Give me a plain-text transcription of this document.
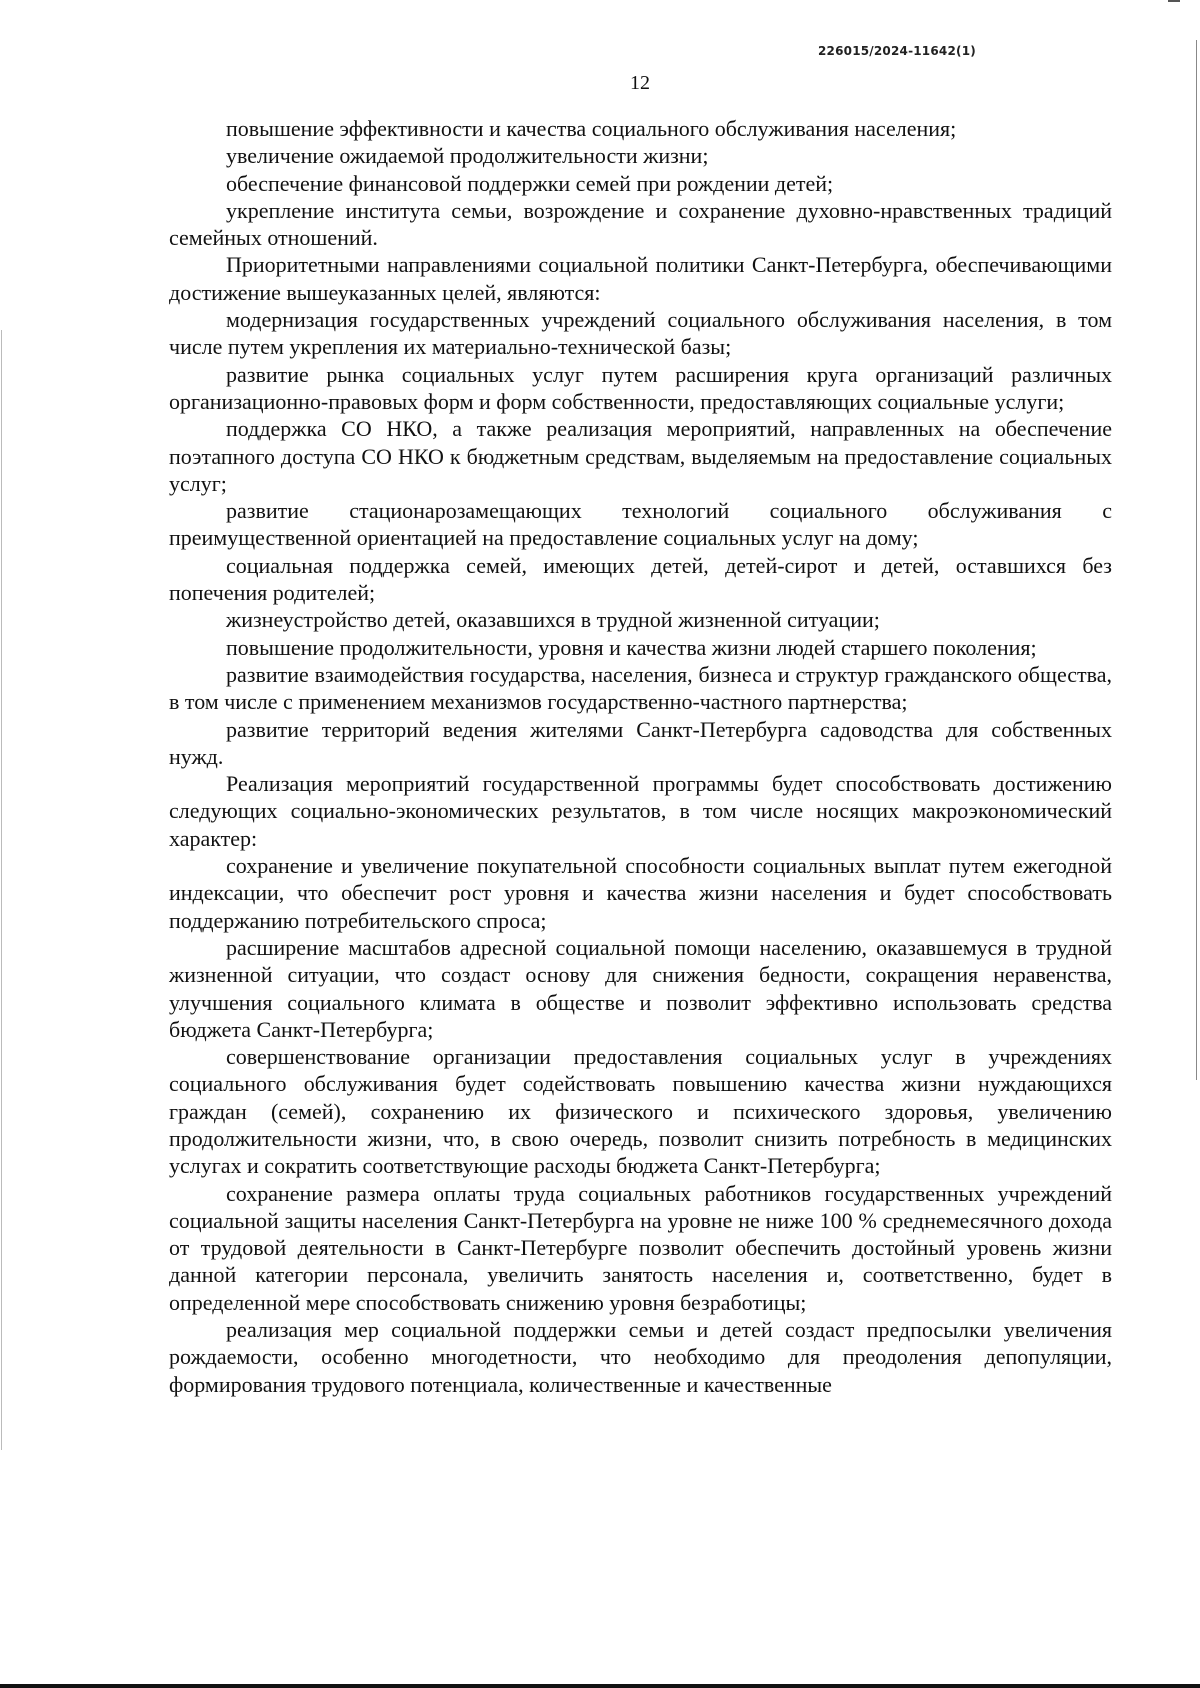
226015/2024-11642(1)
12

повышение эффективности и качества социального обслуживания населения;

увеличение ожидаемой продолжительности жизни;

обеспечение финансовой поддержки семей при рождении детей;

укрепление института семьи, возрождение и сохранение духовно-нравственных традиций семейных отношений.

Приоритетными направлениями социальной политики Санкт-Петербурга, обеспечивающими достижение вышеуказанных целей, являются:

модернизация государственных учреждений социального обслуживания населения, в том числе путем укрепления их материально-технической базы;

развитие рынка социальных услуг путем расширения круга организаций различных организационно-правовых форм и форм собственности, предоставляющих социальные услуги;

поддержка СО НКО, а также реализация мероприятий, направленных на обеспечение поэтапного доступа СО НКО к бюджетным средствам, выделяемым на предоставление социальных услуг;

развитие стационарозамещающих технологий социального обслуживания с преимущественной ориентацией на предоставление социальных услуг на дому;

социальная поддержка семей, имеющих детей, детей-сирот и детей, оставшихся без попечения родителей;

жизнеустройство детей, оказавшихся в трудной жизненной ситуации;

повышение продолжительности, уровня и качества жизни людей старшего поколения;

развитие взаимодействия государства, населения, бизнеса и структур гражданского общества, в том числе с применением механизмов государственно-частного партнерства;

развитие территорий ведения жителями Санкт-Петербурга садоводства для собственных нужд.

Реализация мероприятий государственной программы будет способствовать достижению следующих социально-экономических результатов, в том числе носящих макроэкономический характер:

сохранение и увеличение покупательной способности социальных выплат путем ежегодной индексации, что обеспечит рост уровня и качества жизни населения и будет способствовать поддержанию потребительского спроса;

расширение масштабов адресной социальной помощи населению, оказавшемуся в трудной жизненной ситуации, что создаст основу для снижения бедности, сокращения неравенства, улучшения социального климата в обществе и позволит эффективно использовать средства бюджета Санкт-Петербурга;

совершенствование организации предоставления социальных услуг в учреждениях социального обслуживания будет содействовать повышению качества жизни нуждающихся граждан (семей), сохранению их физического и психического здоровья, увеличению продолжительности жизни, что, в свою очередь, позволит снизить потребность в медицинских услугах и сократить соответствующие расходы бюджета Санкт-Петербурга;

сохранение размера оплаты труда социальных работников государственных учреждений социальной защиты населения Санкт-Петербурга на уровне не ниже 100 % среднемесячного дохода от трудовой деятельности в Санкт-Петербурге позволит обеспечить достойный уровень жизни данной категории персонала, увеличить занятость населения и, соответственно, будет в определенной мере способствовать снижению уровня безработицы;

реализация мер социальной поддержки семьи и детей создаст предпосылки увеличения рождаемости, особенно многодетности, что необходимо для преодоления депопуляции, формирования трудового потенциала, количественные и качественные
